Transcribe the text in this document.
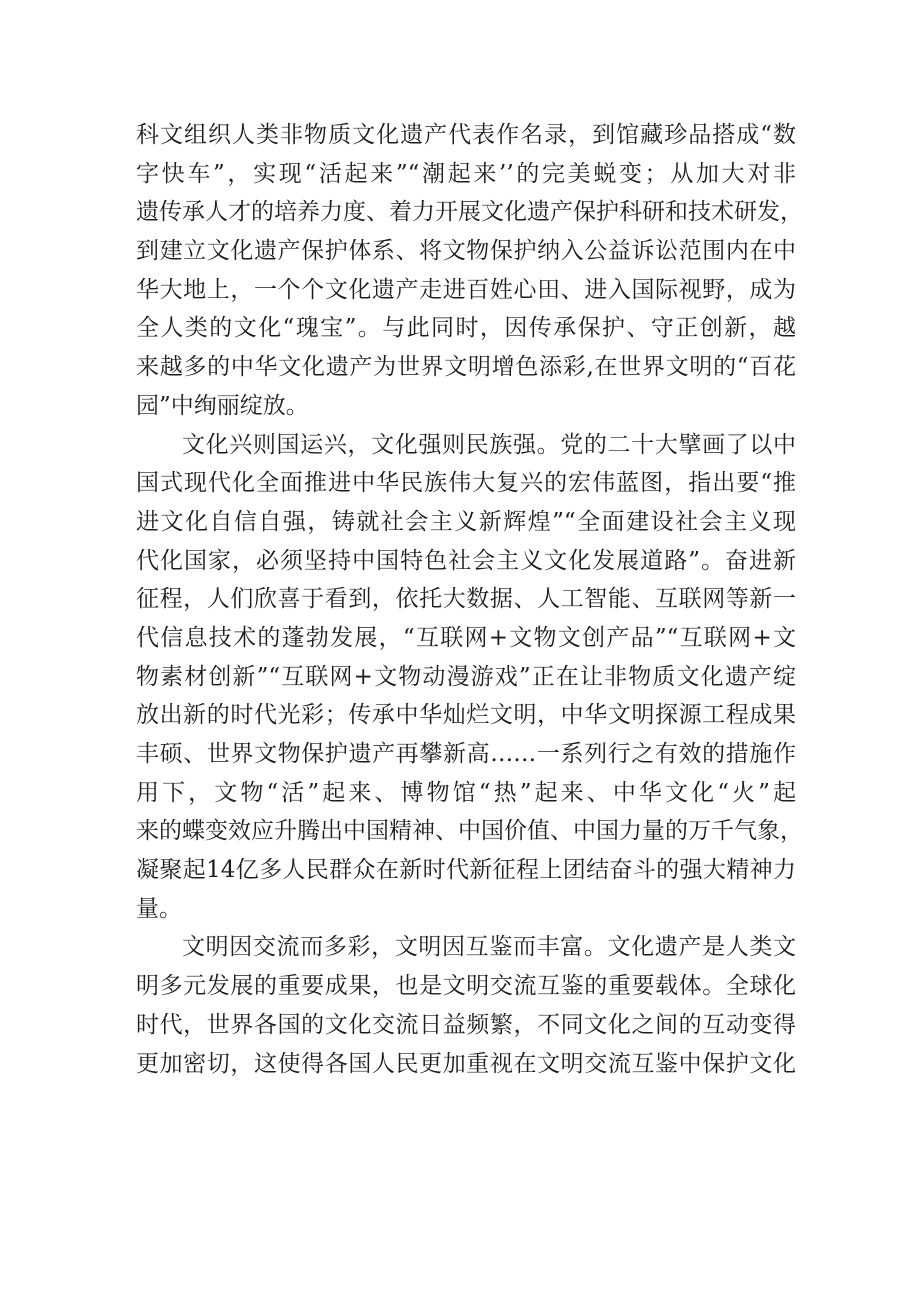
科文组织人类非物质文化遗产代表作名录，到馆藏珍品搭成“数
字快车”，实现“活起来”“潮起来’’的完美蜕变；从加大对非
遗传承人才的培养力度、着力开展文化遗产保护科研和技术研发，
到建立文化遗产保护体系、将文物保护纳入公益诉讼范围内在中
华大地上，一个个文化遗产走进百姓心田、进入国际视野，成为
全人类的文化“瑰宝”。与此同时，因传承保护、守正创新，越
来越多的中华文化遗产为世界文明增色添彩,在世界文明的“百花
园”中绚丽绽放。
文化兴则国运兴，文化强则民族强。党的二十大擘画了以中
国式现代化全面推进中华民族伟大复兴的宏伟蓝图，指出要“推
进文化自信自强，铸就社会主义新辉煌”“全面建设社会主义现
代化国家，必须坚持中国特色社会主义文化发展道路”。奋进新
征程，人们欣喜于看到，依托大数据、人工智能、互联网等新一
代信息技术的蓬勃发展，“互联网+文物文创产品”“互联网+文
物素材创新”“互联网+文物动漫游戏”正在让非物质文化遗产绽
放出新的时代光彩；传承中华灿烂文明，中华文明探源工程成果
丰硕、世界文物保护遗产再攀新高……一系列行之有效的措施作
用下，文物“活”起来、博物馆“热”起来、中华文化“火”起
来的蝶变效应升腾出中国精神、中国价值、中国力量的万千气象，
凝聚起14亿多人民群众在新时代新征程上团结奋斗的强大精神力
量。
文明因交流而多彩，文明因互鉴而丰富。文化遗产是人类文
明多元发展的重要成果，也是文明交流互鉴的重要载体。全球化
时代，世界各国的文化交流日益频繁，不同文化之间的互动变得
更加密切，这使得各国人民更加重视在文明交流互鉴中保护文化
